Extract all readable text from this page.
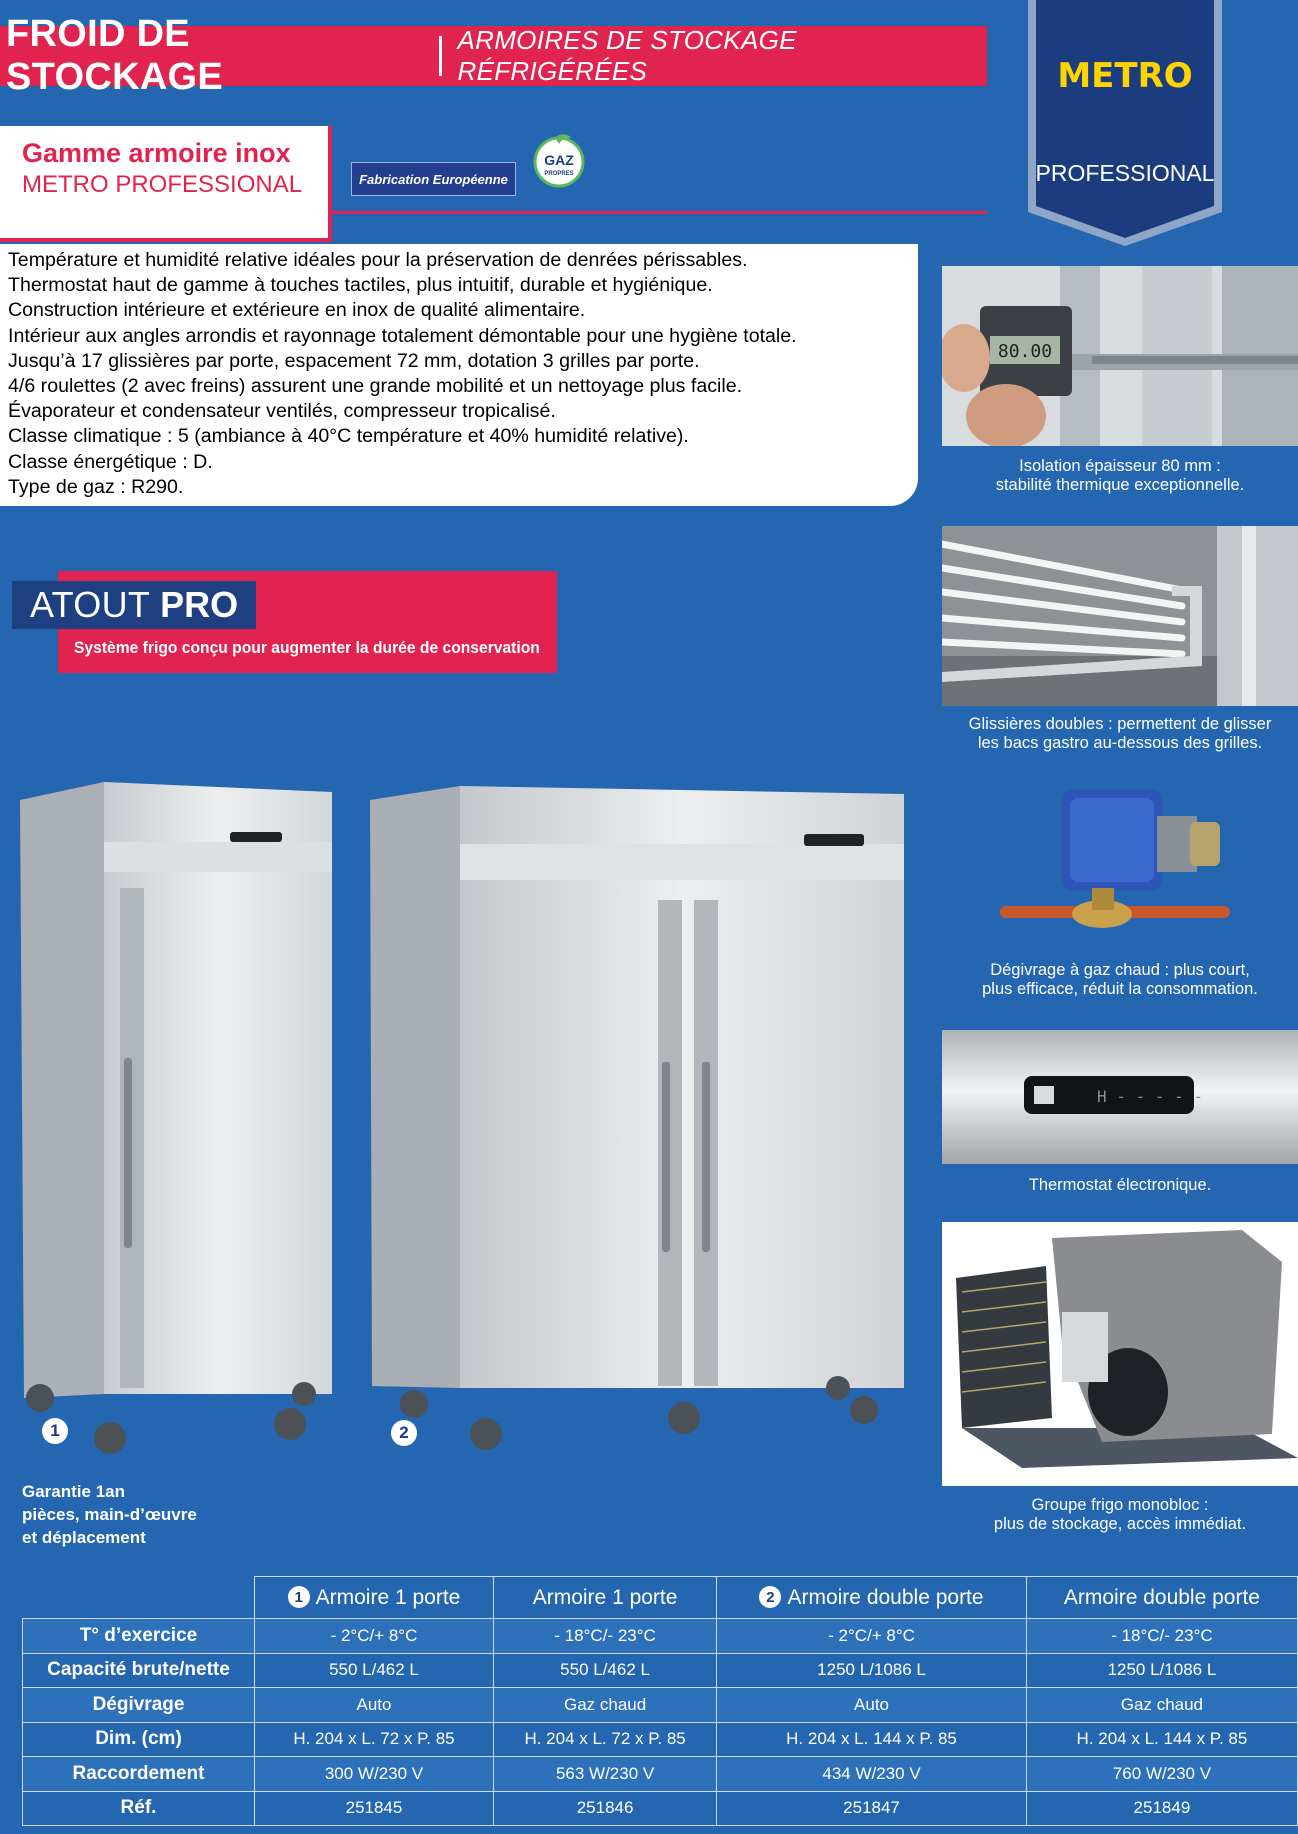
FROID DE STOCKAGE
ARMOIRES DE STOCKAGE RÉFRIGÉRÉES	METRO
PROFESSIONAL
Gamme armoire inox
METRO PROFESSIONAL	Fabrication Européenne
GAZ
PROPRES
Température et humidité relative idéales pour la préservation de denrées périssables.
Thermostat haut de gamme à touches tactiles, plus intuitif, durable et hygiénique.
Construction intérieure et extérieure en inox de qualité alimentaire.
Intérieur aux angles arrondis et rayonnage totalement démontable pour une hygiène totale.
Jusqu’à 17 glissières par porte, espacement 72 mm, dotation 3 grilles par porte.
4/6 roulettes (2 avec freins) assurent une grande mobilité et un nettoyage plus facile.
Évaporateur et condensateur ventilés, compresseur tropicalisé.
Classe climatique : 5 (ambiance à 40°C température et 40% humidité relative).
Classe énergétique : D.
Type de gaz : R290.
80.00
Isolation épaisseur 80 mm :
stabilité thermique exceptionnelle.
Glissières doubles : permettent de glisser
les bacs gastro au-dessous des grilles.
Dégivrage à gaz chaud : plus court,
plus efficace, réduit la consommation.
H - - - - -
Thermostat électronique.
Groupe frigo monobloc :
plus de stockage, accès immédiat.
ATOUT PRO
Système frigo conçu pour augmenter la durée de conservation
1	2
Garantie 1an
pièces, main-d’œuvre
et déplacement
	1 Armoire 1 porte	Armoire 1 porte	2 Armoire double porte	Armoire double porte
T° d’exercice	- 2°C/+ 8°C	- 18°C/- 23°C	- 2°C/+ 8°C	- 18°C/- 23°C
Capacité brute/nette	550 L/462 L	550 L/462 L	1250 L/1086 L	1250 L/1086 L
Dégivrage	Auto	Gaz chaud	Auto	Gaz chaud
Dim. (cm)	H. 204 x L. 72 x P. 85	H. 204 x L. 72 x P. 85	H. 204 x L. 144 x P. 85	H. 204 x L. 144 x P. 85
Raccordement	300 W/230 V	563 W/230 V	434 W/230 V	760 W/230 V
Réf.	251845	251846	251847	251849
